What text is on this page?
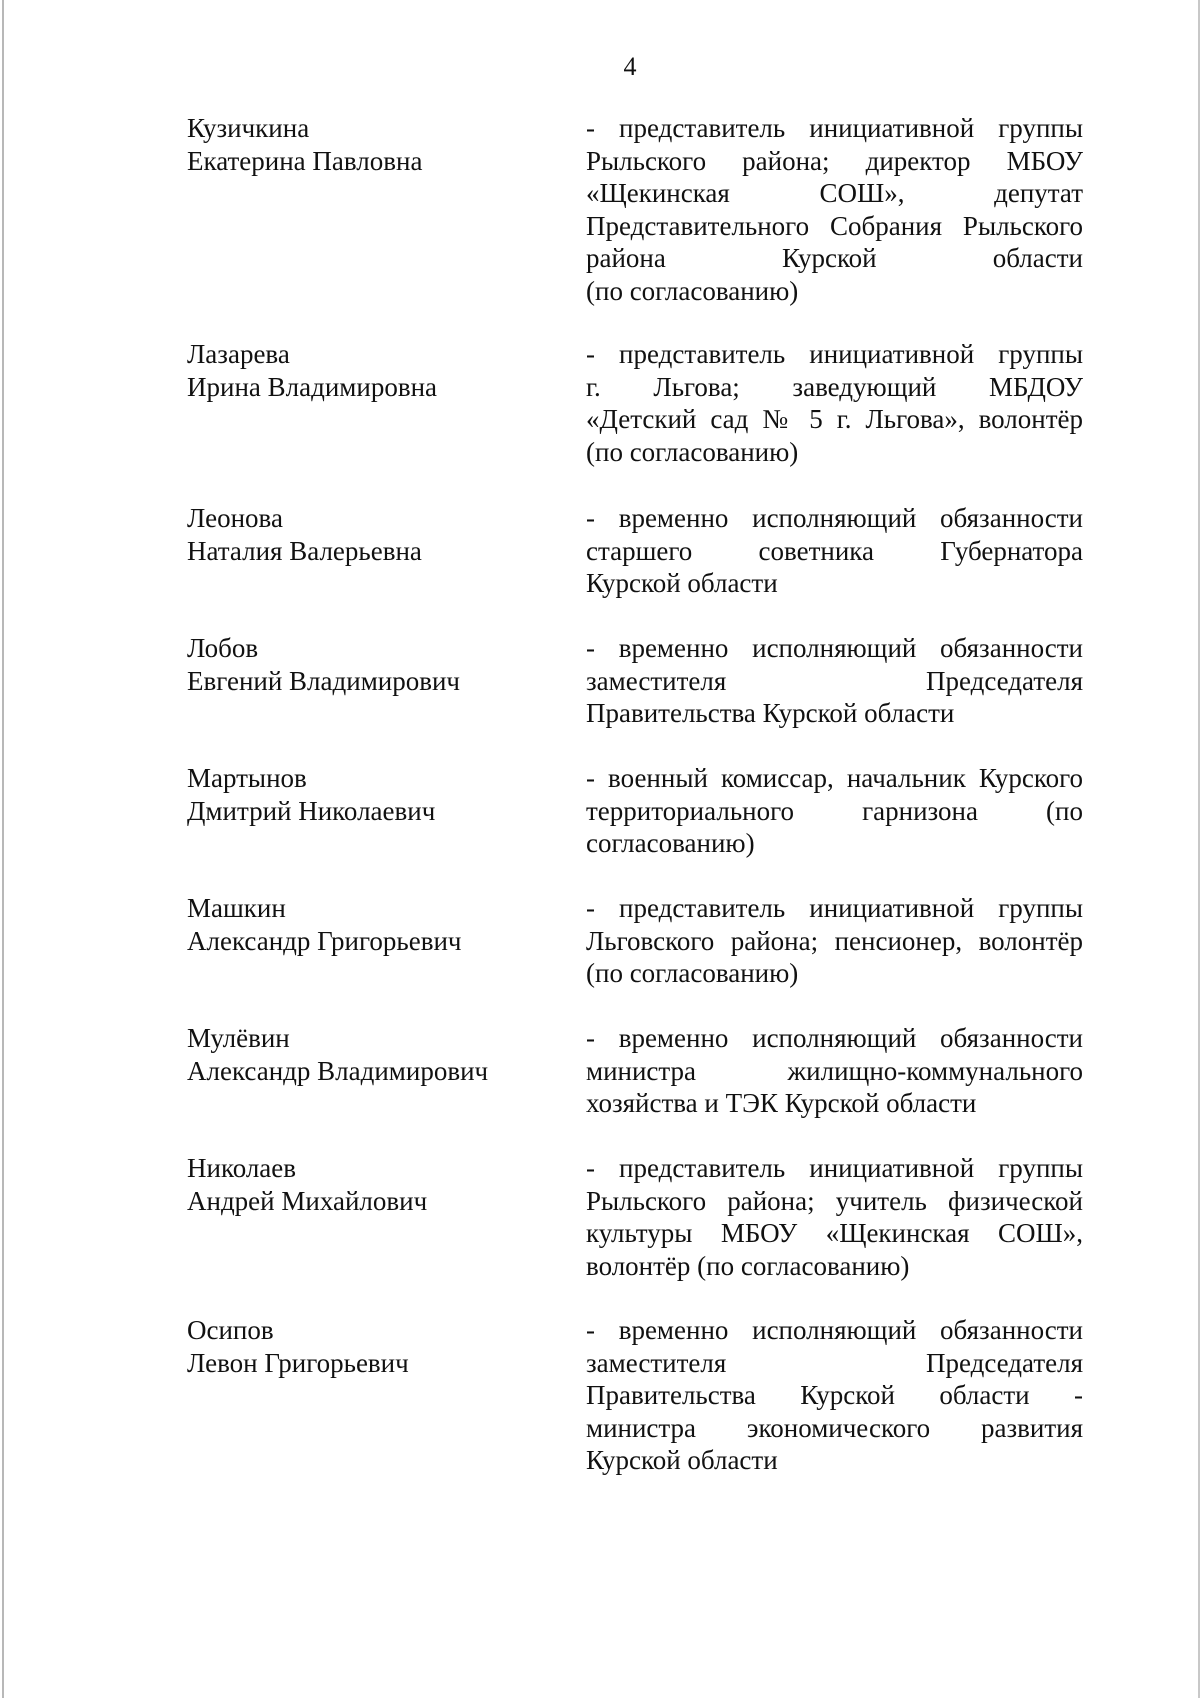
4
Кузичкина
Екатерина Павловна
- представитель инициативной группы
Рыльского района; директор МБОУ
«Щекинская СОШ», депутат
Представительного Собрания Рыльского
района Курской области
(по согласованию)
Лазарева
Ирина Владимировна
- представитель инициативной группы
г. Льгова; заведующий МБДОУ
«Детский сад № 5 г. Льгова», волонтёр
(по согласованию)
Леонова
Наталия Валерьевна
- временно исполняющий обязанности
старшего советника Губернатора
Курской области
Лобов
Евгений Владимирович
- временно исполняющий обязанности
заместителя Председателя
Правительства Курской области
Мартынов
Дмитрий Николаевич
- военный комиссар, начальник Курского
территориального гарнизона (по
согласованию)
Машкин
Александр Григорьевич
- представитель инициативной группы
Льговского района; пенсионер, волонтёр
(по согласованию)
Мулёвин
Александр Владимирович
- временно исполняющий обязанности
министра жилищно-коммунального
хозяйства и ТЭК Курской области
Николаев
Андрей Михайлович
- представитель инициативной группы
Рыльского района; учитель физической
культуры МБОУ «Щекинская СОШ»,
волонтёр (по согласованию)
Осипов
Левон Григорьевич
- временно исполняющий обязанности
заместителя Председателя
Правительства Курской области -
министра экономического развития
Курской области
